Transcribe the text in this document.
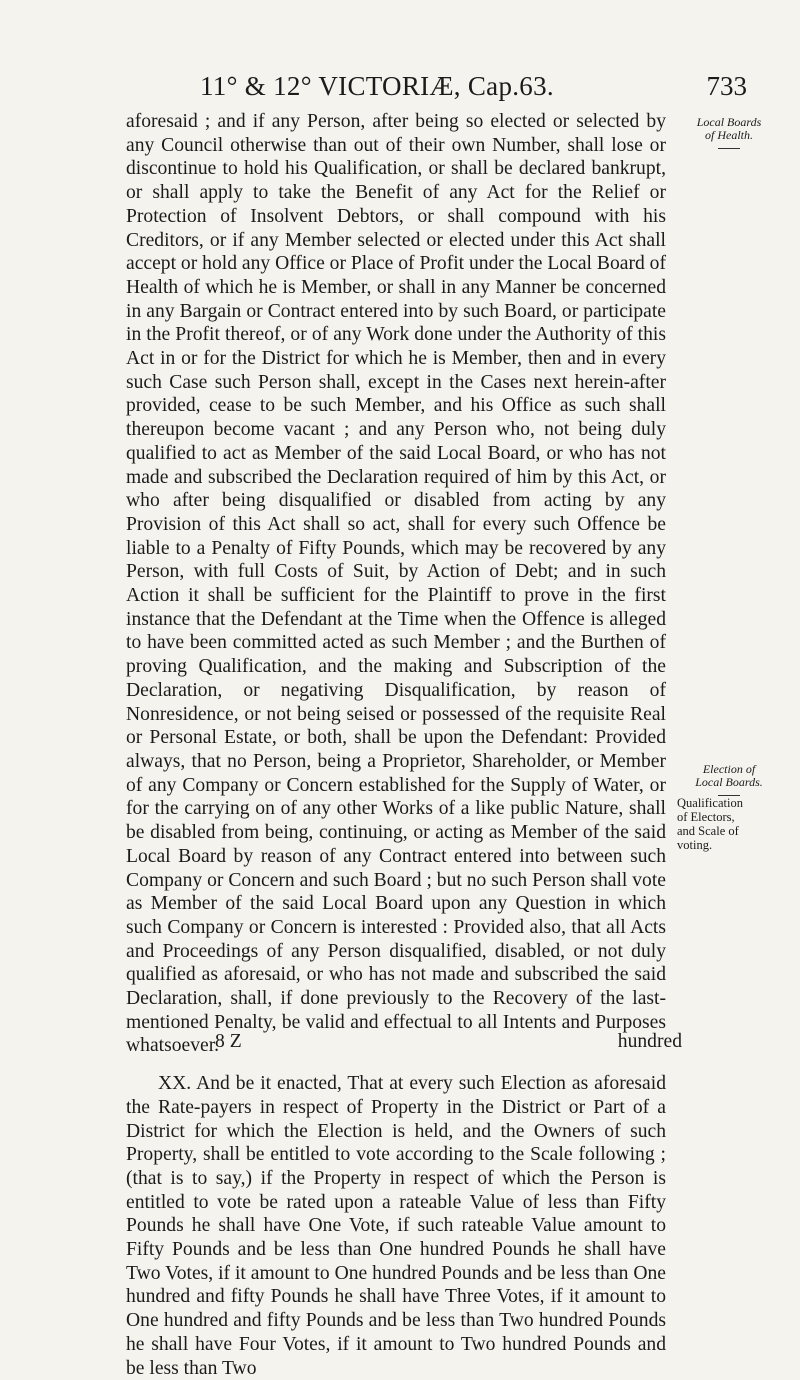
11° & 12° VICTORIÆ, Cap.63.	733

aforesaid ; and if any Person, after being so elected or selected by any Council otherwise than out of their own Number, shall lose or discontinue to hold his Qualification, or shall be declared bankrupt, or shall apply to take the Benefit of any Act for the Relief or Protection of Insolvent Debtors, or shall compound with his Creditors, or if any Member selected or elected under this Act shall accept or hold any Office or Place of Profit under the Local Board of Health of which he is Member, or shall in any Manner be concerned in any Bargain or Contract entered into by such Board, or participate in the Profit thereof, or of any Work done under the Authority of this Act in or for the District for which he is Member, then and in every such Case such Person shall, except in the Cases next herein-after provided, cease to be such Member, and his Office as such shall thereupon become vacant ; and any Person who, not being duly qualified to act as Member of the said Local Board, or who has not made and subscribed the Declaration required of him by this Act, or who after being disqualified or disabled from acting by any Provision of this Act shall so act, shall for every such Offence be liable to a Penalty of Fifty Pounds, which may be recovered by any Person, with full Costs of Suit, by Action of Debt; and in such Action it shall be sufficient for the Plaintiff to prove in the first instance that the Defendant at the Time when the Offence is alleged to have been committed acted as such Member ; and the Burthen of proving Qualification, and the making and Subscription of the Declaration, or negativing Disqualification, by reason of Nonresidence, or not being seised or possessed of the requisite Real or Personal Estate, or both, shall be upon the Defendant: Provided always, that no Person, being a Proprietor, Shareholder, or Member of any Company or Concern established for the Supply of Water, or for the carrying on of any other Works of a like public Nature, shall be disabled from being, continuing, or acting as Member of the said Local Board by reason of any Contract entered into between such Company or Concern and such Board ; but no such Person shall vote as Member of the said Local Board upon any Question in which such Company or Concern is interested : Provided also, that all Acts and Proceedings of any Person disqualified, disabled, or not duly qualified as aforesaid, or who has not made and subscribed the said Declaration, shall, if done previously to the Recovery of the last-mentioned Penalty, be valid and effectual to all Intents and Purposes whatsoever.

XX. And be it enacted, That at every such Election as aforesaid the Rate-payers in respect of Property in the District or Part of a District for which the Election is held, and the Owners of such Property, shall be entitled to vote according to the Scale following ; (that is to say,) if the Property in respect of which the Person is entitled to vote be rated upon a rateable Value of less than Fifty Pounds he shall have One Vote, if such rateable Value amount to Fifty Pounds and be less than One hundred Pounds he shall have Two Votes, if it amount to One hundred Pounds and be less than One hundred and fifty Pounds he shall have Three Votes, if it amount to One hundred and fifty Pounds and be less than Two hundred Pounds he shall have Four Votes, if it amount to Two hundred Pounds and be less than Two

8 Z	hundred
Local Boards
of Health.
Election of
Local Boards.
Qualification
of Electors,
and Scale of
voting.
